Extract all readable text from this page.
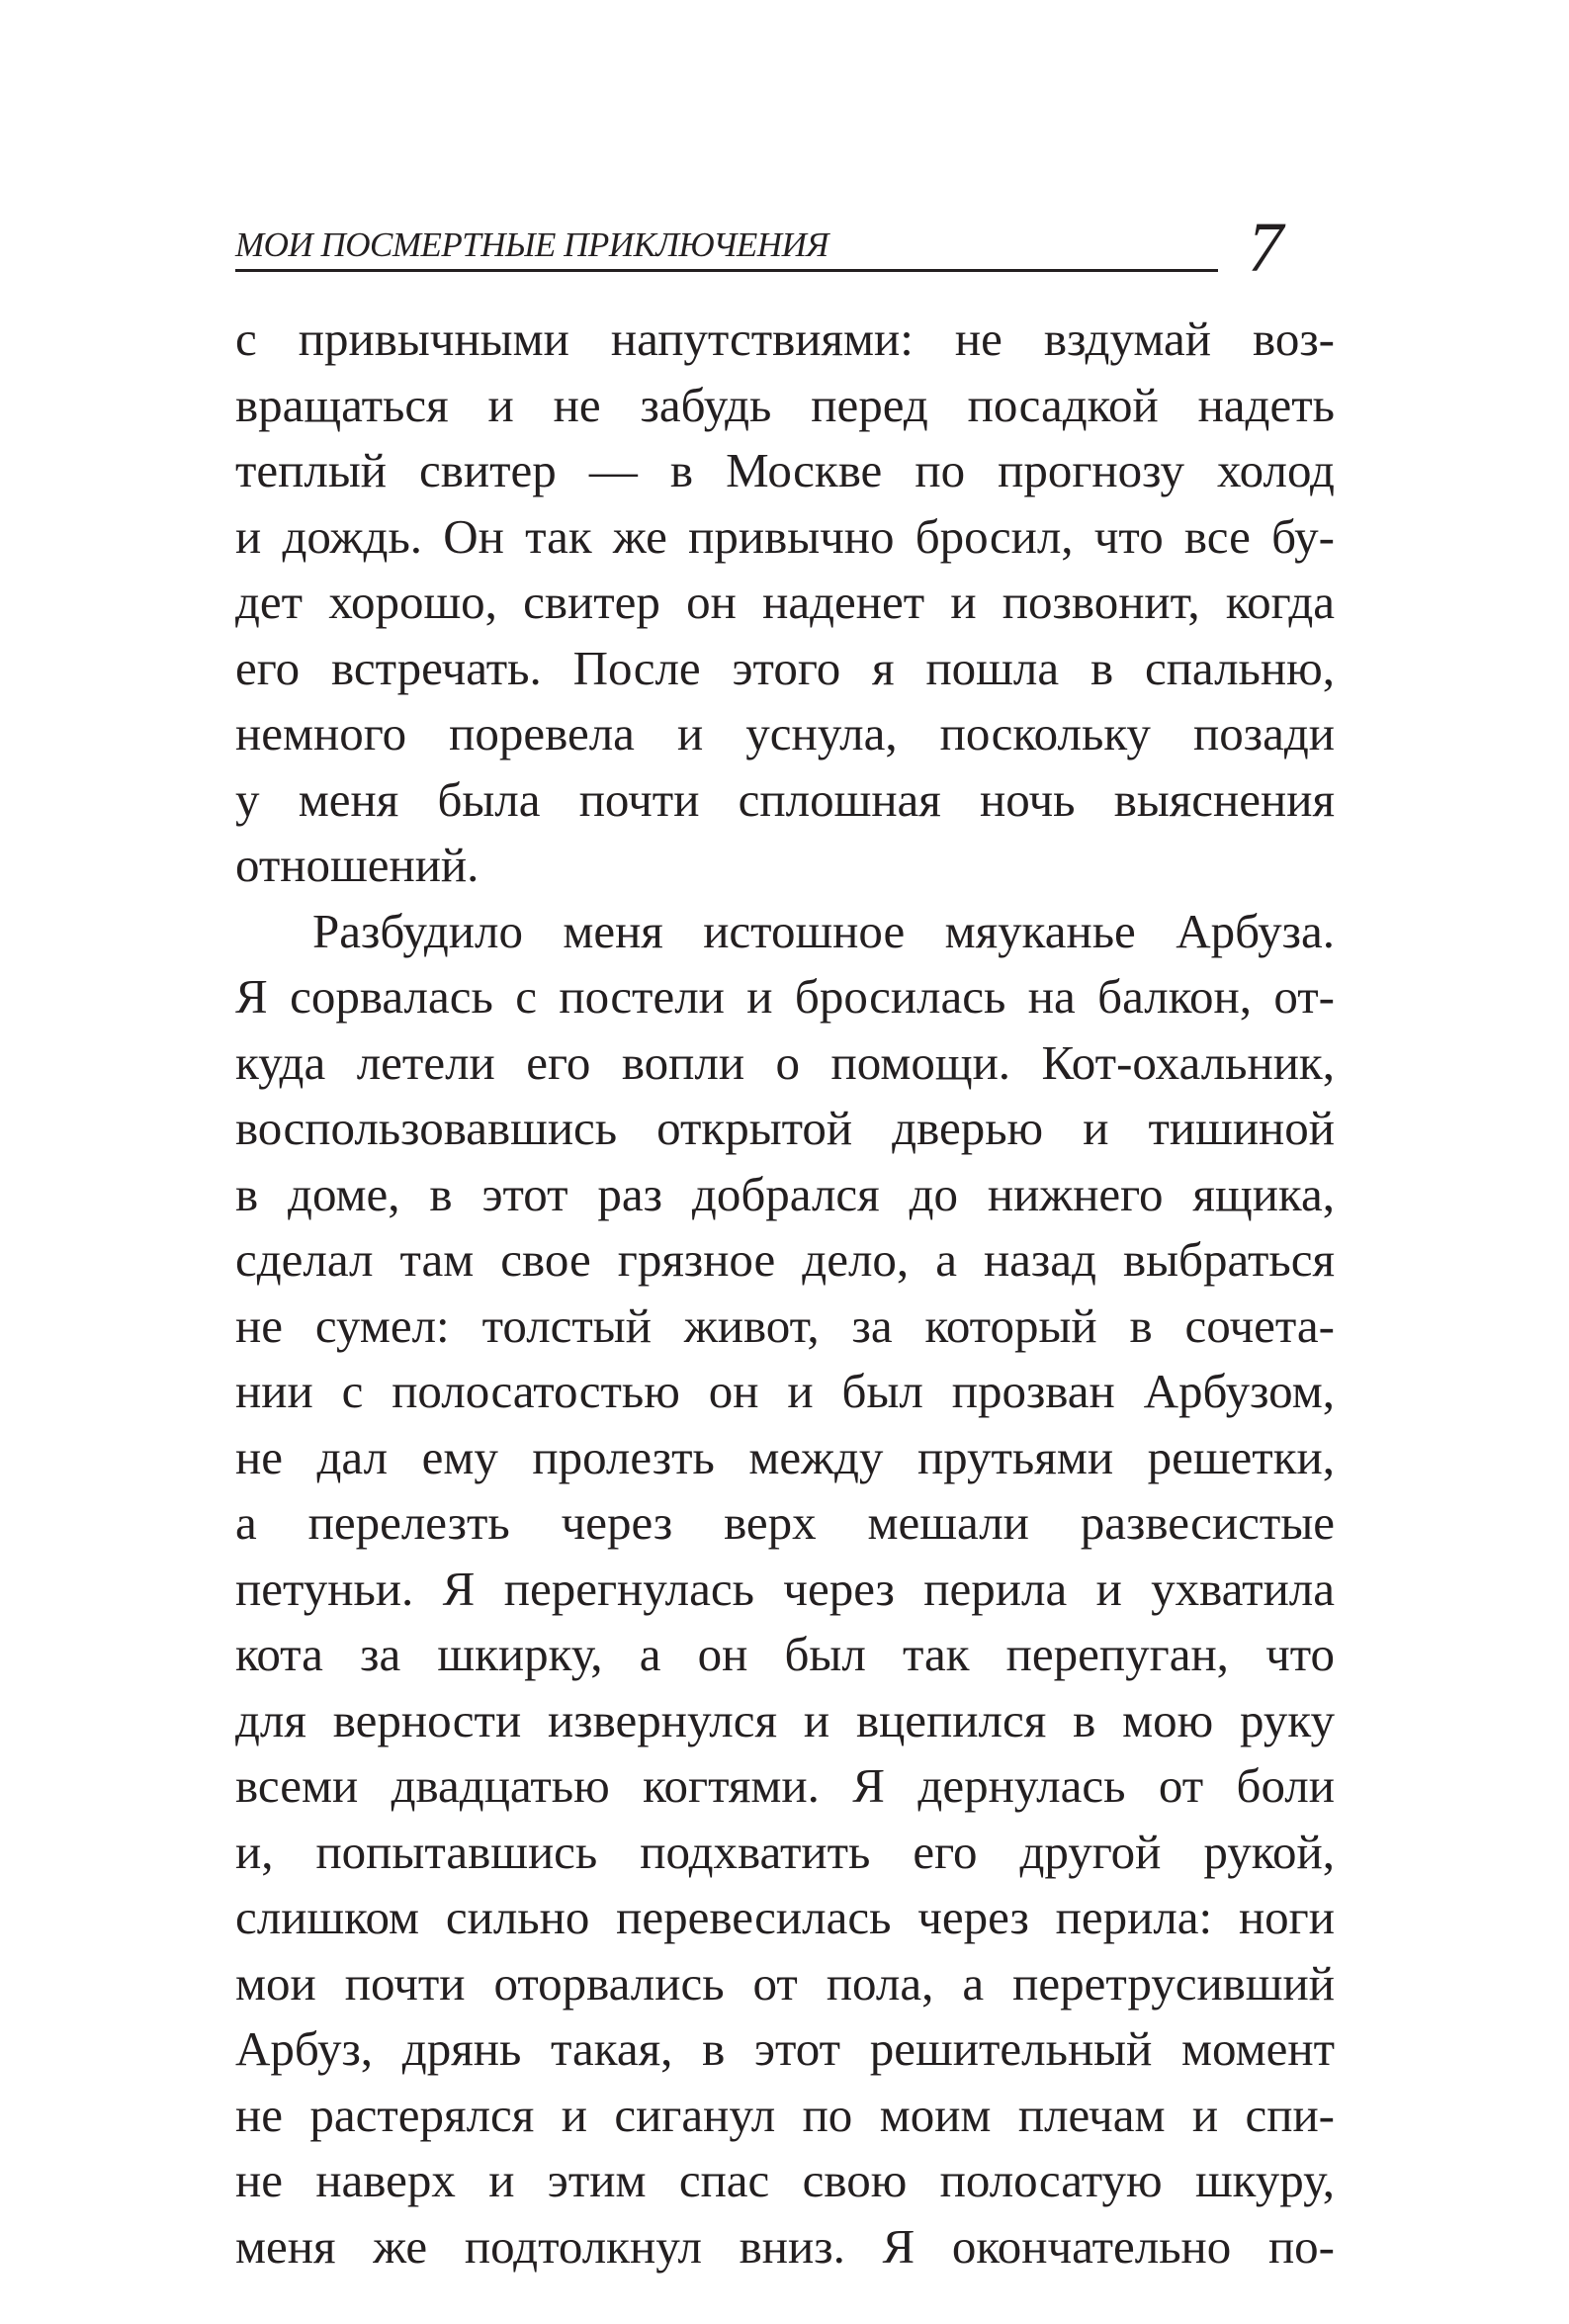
МОИ ПОСМЕРТНЫЕ ПРИКЛЮЧЕНИЯ	7
с привычными напутствиями: не вздумай воз-
вращаться и не забудь перед посадкой надеть
теплый свитер — в Москве по прогнозу холод
и дождь. Он так же привычно бросил, что все бу-
дет хорошо, свитер он наденет и позвонит, когда
его встречать. После этого я пошла в спальню,
немного поревела и уснула, поскольку позади
у меня была почти сплошная ночь выяснения
отношений.
Разбудило меня истошное мяуканье Арбуза.
Я сорвалась с постели и бросилась на балкон, от-
куда летели его вопли о помощи. Кот-охальник,
воспользовавшись открытой дверью и тишиной
в доме, в этот раз добрался до нижнего ящика,
сделал там свое грязное дело, а назад выбраться
не сумел: толстый живот, за который в сочета-
нии с полосатостью он и был прозван Арбузом,
не дал ему пролезть между прутьями решетки,
а перелезть через верх мешали развесистые
петуньи. Я перегнулась через перила и ухватила
кота за шкирку, а он был так перепуган, что
для верности извернулся и вцепился в мою руку
всеми двадцатью когтями. Я дернулась от боли
и, попытавшись подхватить его другой рукой,
слишком сильно перевесилась через перила: ноги
мои почти оторвались от пола, а перетрусивший
Арбуз, дрянь такая, в этот решительный момент
не растерялся и сиганул по моим плечам и спи-
не наверх и этим спас свою полосатую шкуру,
меня же подтолкнул вниз. Я окончательно по-
